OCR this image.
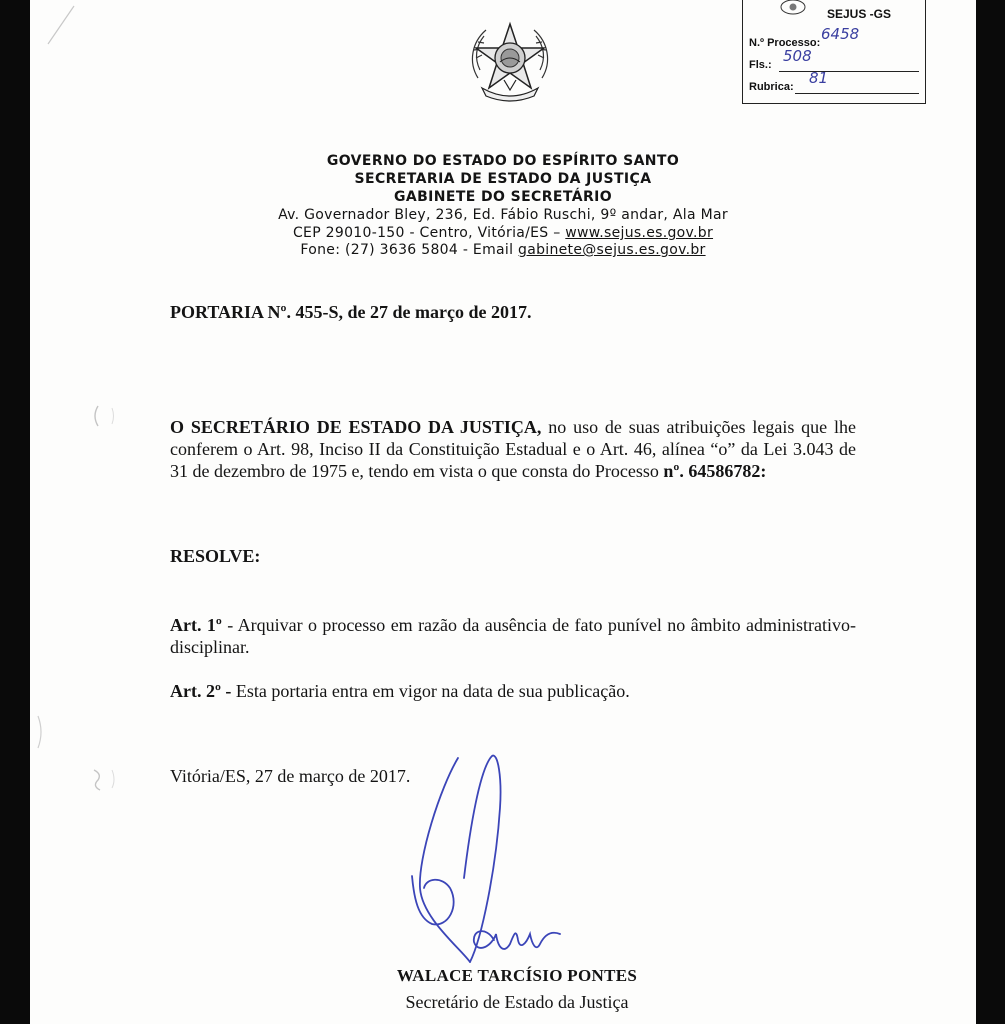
SEJUS -GS
N.º Processo: 6458
Fls.: 508
Rubrica: 81
GOVERNO DO ESTADO DO ESPÍRITO SANTO
SECRETARIA DE ESTADO DA JUSTIÇA
GABINETE DO SECRETÁRIO
Av. Governador Bley, 236, Ed. Fábio Ruschi, 9º andar, Ala Mar
CEP 29010-150 - Centro, Vitória/ES – www.sejus.es.gov.br
Fone: (27) 3636 5804 - Email gabinete@sejus.es.gov.br
PORTARIA Nº. 455-S, de 27 de março de 2017.
O SECRETÁRIO DE ESTADO DA JUSTIÇA, no uso de suas atribuições legais que lhe conferem o Art. 98, Inciso II da Constituição Estadual e o Art. 46, alínea “o” da Lei 3.043 de 31 de dezembro de 1975 e, tendo em vista o que consta do Processo nº. 64586782:
RESOLVE:
Art. 1º - Arquivar o processo em razão da ausência de fato punível no âmbito administrativo-disciplinar.
Art. 2º - Esta portaria entra em vigor na data de sua publicação.
Vitória/ES, 27 de março de 2017.
WALACE TARCÍSIO PONTES
Secretário de Estado da Justiça
